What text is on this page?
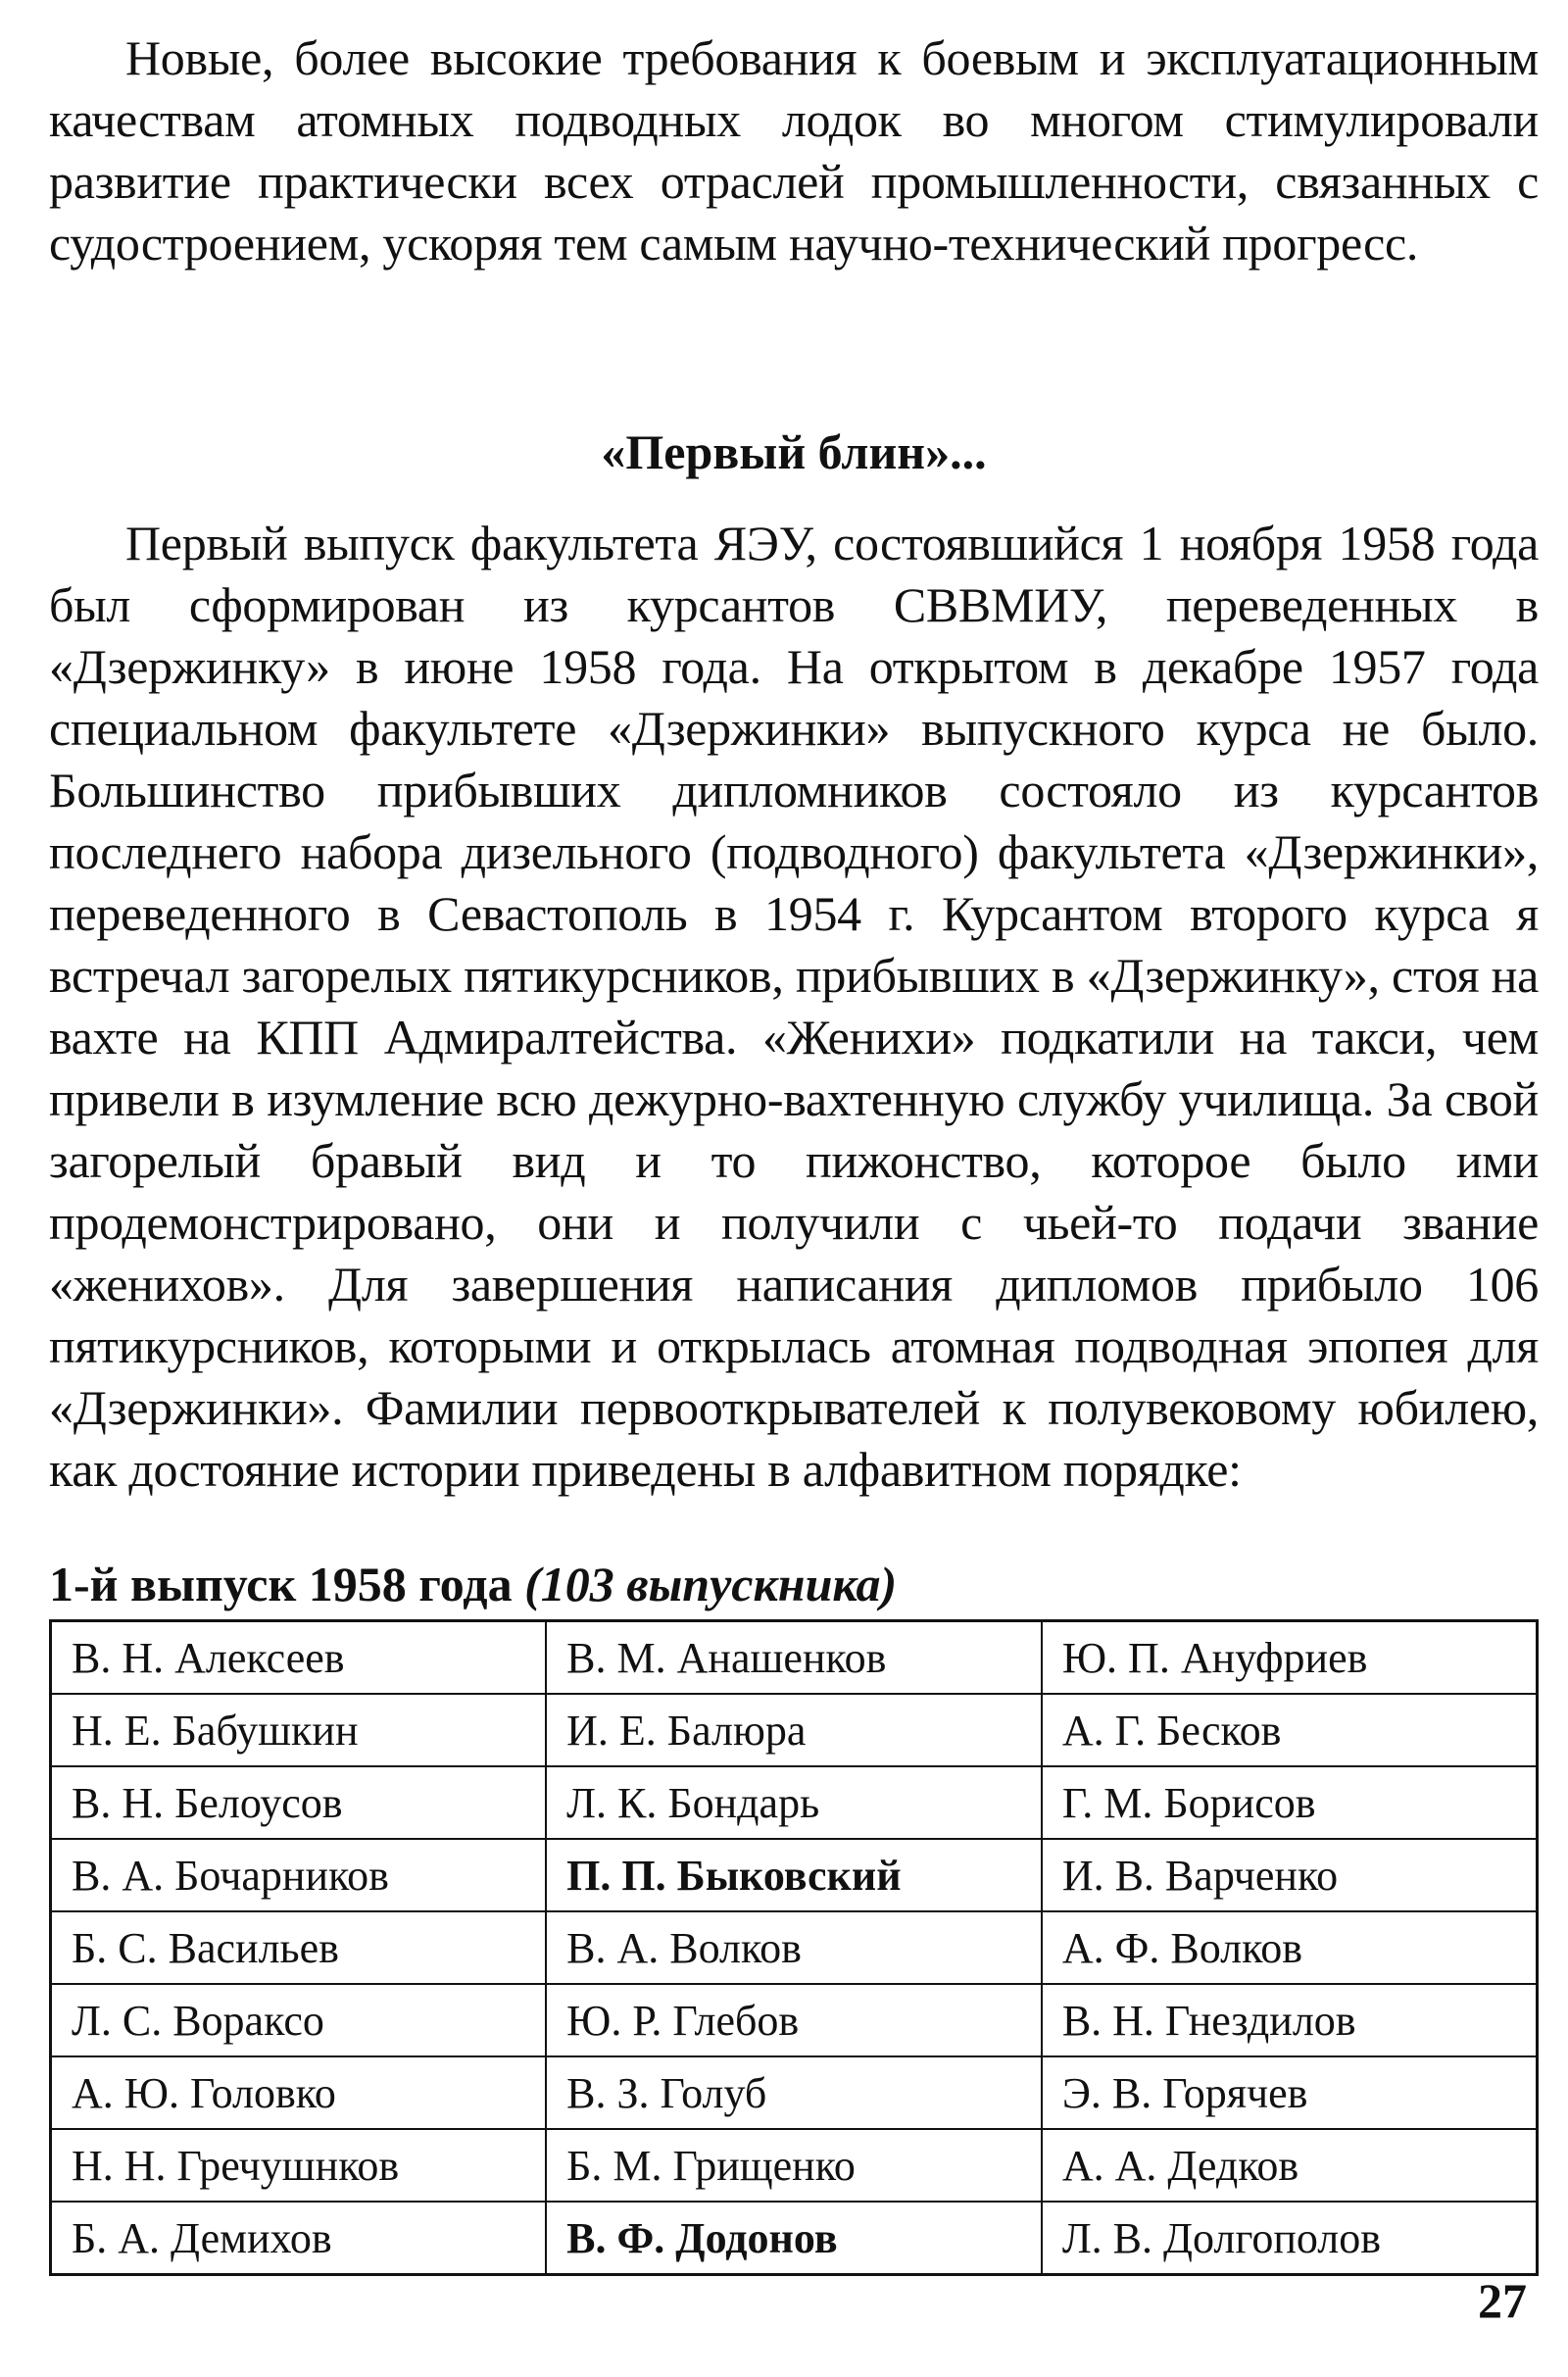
Новые, более высокие требования к боевым и эксплуатационным качествам атомных подводных лодок во многом стимулировали развитие практически всех отраслей промышленности, связанных с судостроением, ускоряя тем самым научно-технический прогресс.

«Первый блин»...

Первый выпуск факультета ЯЭУ, состоявшийся 1 ноября 1958 года был сформирован из курсантов СВВМИУ, переведенных в «Дзержинку» в июне 1958 года. На открытом в декабре 1957 года специальном факультете «Дзержинки» выпускного курса не было. Большинство прибывших дипломников состояло из курсантов последнего набора дизельного (подводного) факультета «Дзержинки», переведенного в Севастополь в 1954 г. Курсантом второго курса я встречал загорелых пятикурсников, прибывших в «Дзержинку», стоя на вахте на КПП Адмиралтейства. «Женихи» подкатили на такси, чем привели в изумление всю дежурно-вахтенную службу училища. За свой загорелый бравый вид и то пижонство, которое было ими продемонстрировано, они и получили с чьей-то подачи звание «женихов». Для завершения написания дипломов прибыло 106 пятикурсников, которыми и открылась атомная подводная эпопея для «Дзержинки». Фамилии первооткрывателей к полувековому юбилею, как достояние истории приведены в алфавитном порядке:

1-й выпуск 1958 года (103 выпускника)
В. Н. Алексеев	В. М. Анашенков	Ю. П. Ануфриев
Н. Е. Бабушкин	И. Е. Балюра	А. Г. Бесков
В. Н. Белоусов	Л. К. Бондарь	Г. М. Борисов
В. А. Бочарников	П. П. Быковский	И. В. Варченко
Б. С. Васильев	В. А. Волков	А. Ф. Волков
Л. С. Вораксо	Ю. Р. Глебов	В. Н. Гнездилов
А. Ю. Головко	В. З. Голуб	Э. В. Горячев
Н. Н. Гречушнков	Б. М. Грищенко	А. А. Дедков
Б. А. Демихов	В. Ф. Додонов	Л. В. Долгополов
27
